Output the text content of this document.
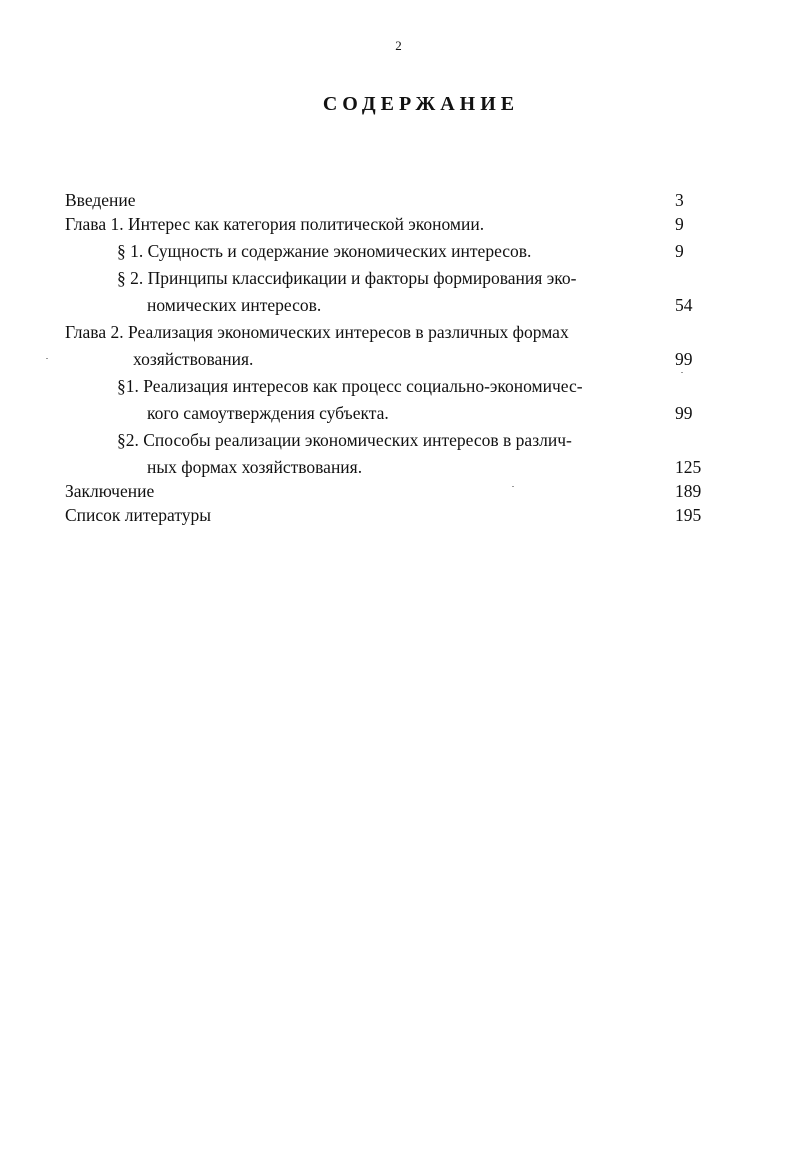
2
СОДЕРЖАНИЕ
Введение	3
Глава 1. Интерес как категория политической экономии.	9
§ 1. Сущность и содержание экономических интересов.	9
§ 2. Принципы классификации и факторы формирования эко-
номических интересов.	54
Глава 2. Реализация экономических интересов в различных формах
хозяйствования.	99
§1. Реализация интересов как процесс социально-экономичес-
кого самоутверждения субъекта.	99
§2. Способы реализации экономических интересов в различ-
ных формах хозяйствования.	125
Заключение	189
Список литературы	195
